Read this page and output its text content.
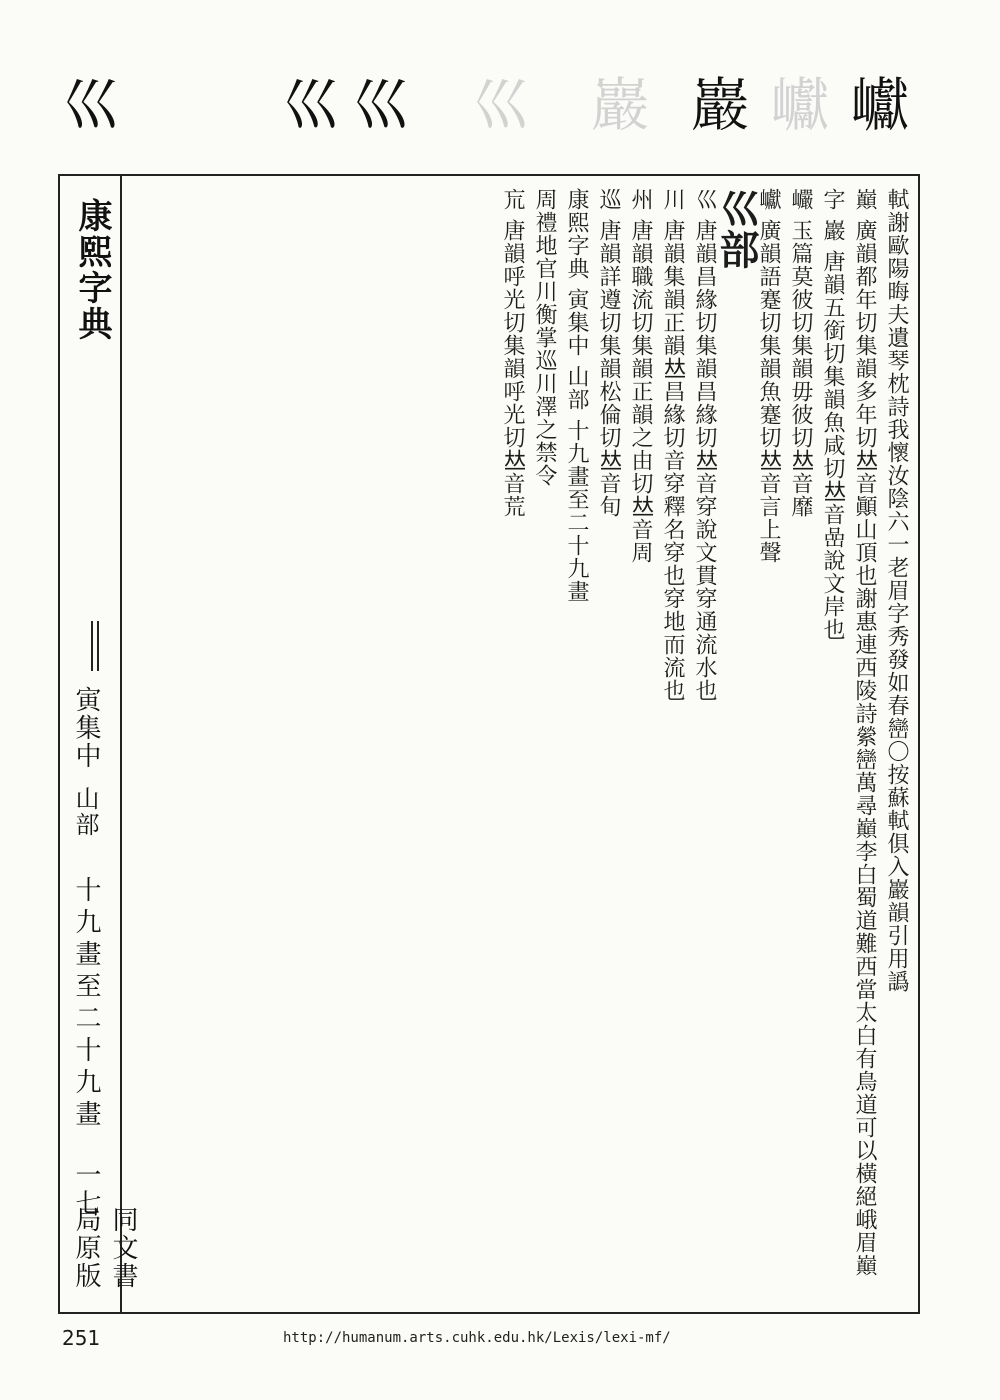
巛	巛 巛 巛 巖 巖 巘 巘
康熙字典
寅集中
山部
十九畫至二十九畫
一七
同文書局原版

軾謝歐陽晦夫遺琴枕詩我懷汝陰六一老眉字秀發如春巒〇按蘇軾俱入巖韻引用譌

巔 廣韻都年切集韻多年切𠀤音顚山頂也謝惠連西陵詩縈巒萬尋巔李白蜀道難西當太白有鳥道可以橫絕峨眉巔

字 巖 唐韻五銜切集韻魚咸切𠀤音嵒說文岸也

巗 玉篇莫彼切集韻毋彼切𠀤音靡

巘 廣韻語蹇切集韻魚蹇切𠀤音言上聲

巛部

巛 唐韻昌緣切集韻昌緣切𠀤音穿說文貫穿通流水也

川 唐韻集韻正韻𠀤昌緣切音穿釋名穿也穿地而流也

州 唐韻職流切集韻正韻之由切𠀤音周

巡 唐韻詳遵切集韻松倫切𠀤音旬

康熙字典 寅集中 山部 十九畫至二十九畫

周禮地官川衡掌巡川澤之禁令

巟 唐韻呼光切集韻呼光切𠀤音荒

251	http://humanum.arts.cuhk.edu.hk/Lexis/lexi-mf/
